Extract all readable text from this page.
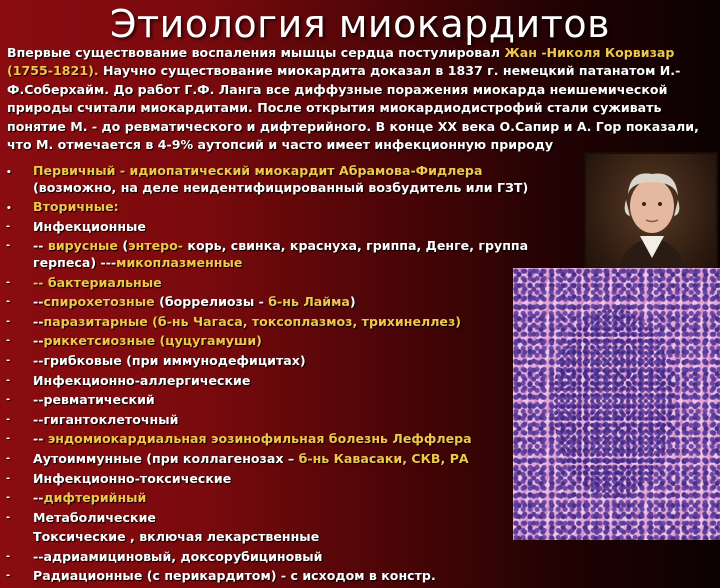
Этиология миокардитов
Впервые существование воспаления мышцы сердца постулировал Жан -Николя Корвизар (1755-1821). Научно существование миокардита доказал в 1837 г. немецкий патанатом И.-Ф.Соберхайм. До работ Г.Ф. Ланга все диффузные поражения миокарда неишемической природы считали миокардитами. После открытия миокардиодистрофий стали суживать понятие М. - до ревматического и дифтерийного. В конце ХХ века О.Сапир и А. Гор показали, что М. отмечается в 4-9% аутопсий и часто имеет инфекционную природу
•	Первичный - идиопатический миокардит Абрамова-Фидлера (возможно, на деле неидентифицированный возбудитель или ГЗТ)
•	Вторичные:
-	Инфекционные
-	-- вирусные (энтеро- корь, свинка, краснуха, гриппа, Денге, группа герпеса) ---микоплазменные
-	-- бактериальные
-	--спирохетозные (боррелиозы - б-нь Лайма)
-	--паразитарные (б-нь Чагаса, токсоплазмоз, трихинеллез)
-	--риккетсиозные (цуцугамуши)
-	--грибковые (при иммунодефицитах)
-	Инфекционно-аллергические
-	--ревматический
-	--гигантоклеточный
-	-- эндомиокардиальная эозинофильная болезнь Леффлера
-	Аутоиммунные (при коллагенозах – б-нь Кавасаки, СКВ, РА
-	Инфекционно-токсические
-	--дифтерийный
-	Метаболические
Токсические , включая лекарственные
-	--адриамициновый, доксорубициновый
-	Радиационные (с перикардитом) - с исходом в констр.
